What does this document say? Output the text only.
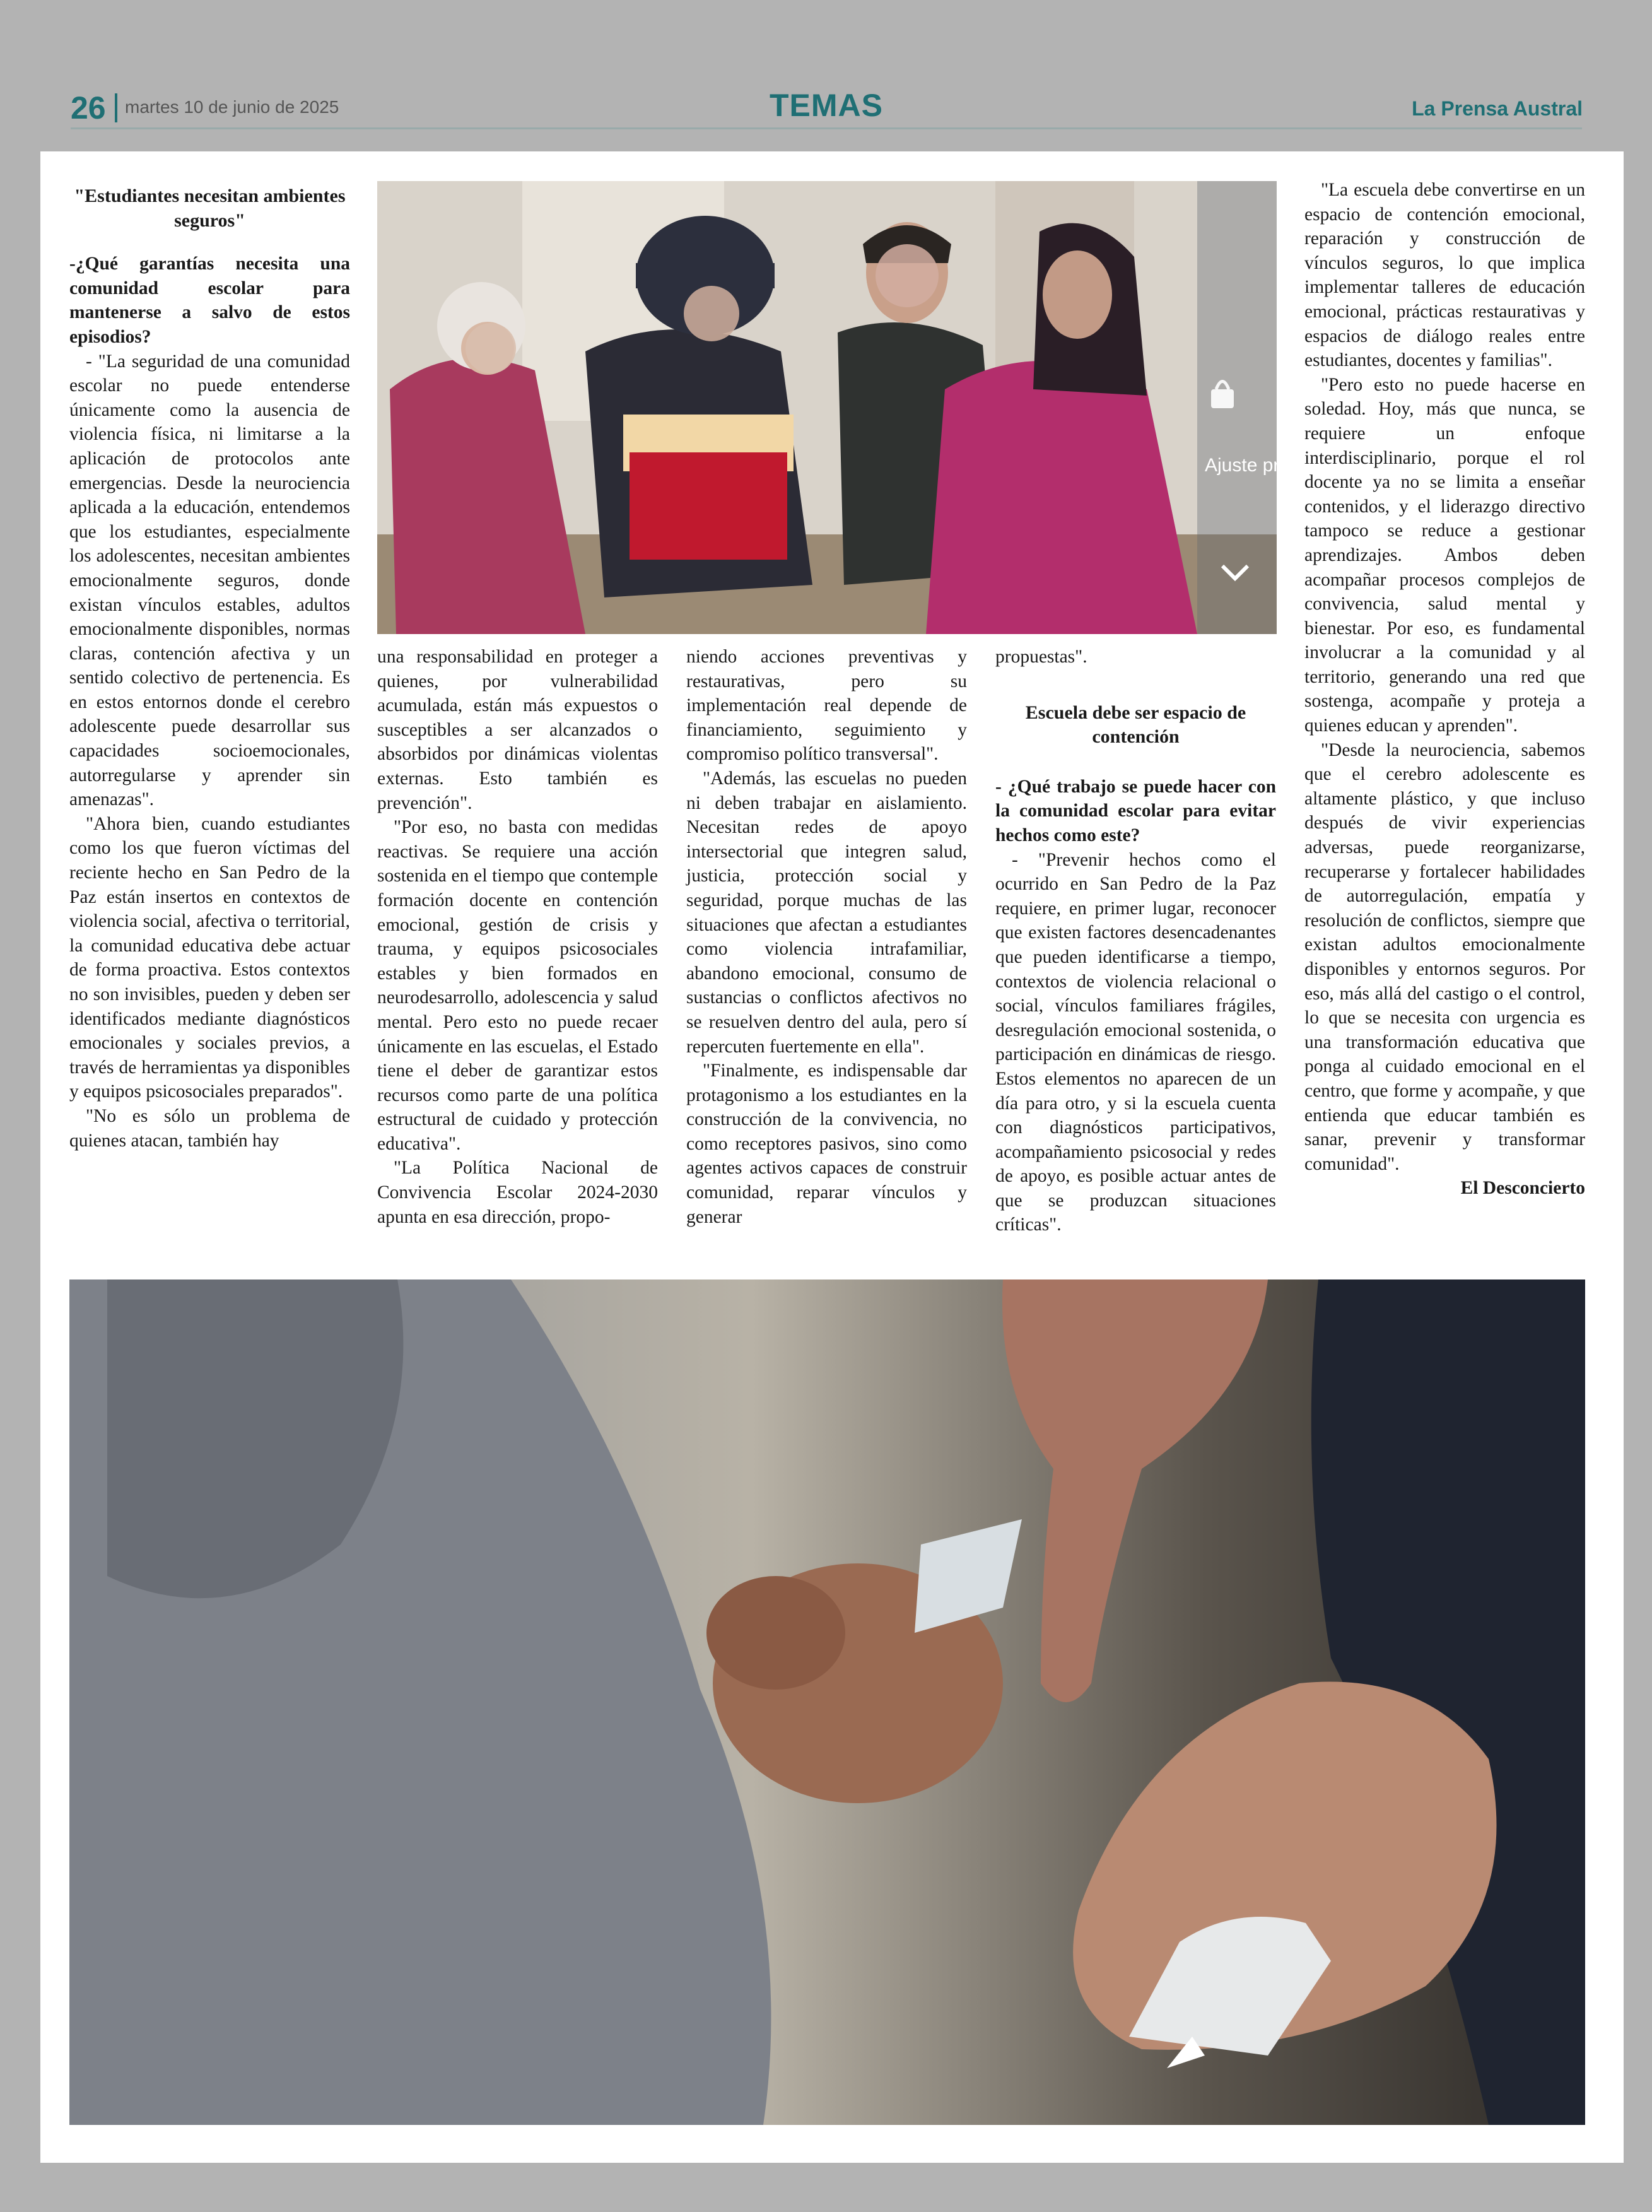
26 martes 10 de junio de 2025	TEMAS	La Prensa Austral
Ajuste privaci

"Estudiantes necesitan ambientes seguros"

-¿Qué garantías necesita una comunidad escolar para mantenerse a salvo de estos episodios?

- "La seguridad de una comunidad escolar no puede entenderse únicamente como la ausencia de violencia física, ni limitarse a la aplicación de protocolos ante emergencias. Desde la neurociencia aplicada a la educación, entendemos que los estudiantes, especialmente los adolescentes, necesitan ambientes emocionalmente seguros, donde existan vínculos estables, adultos emocionalmente disponibles, normas claras, contención afectiva y un sentido colectivo de pertenencia. Es en estos entornos donde el cerebro adolescente puede desarrollar sus capacidades socioemocionales, autorregularse y aprender sin amenazas".

"Ahora bien, cuando estudiantes como los que fueron víctimas del reciente hecho en San Pedro de la Paz están insertos en contextos de violencia social, afectiva o territorial, la comunidad educativa debe actuar de forma proactiva. Estos contextos no son invisibles, pueden y deben ser identificados mediante diagnósticos emocionales y sociales previos, a través de herramientas ya disponibles y equipos psicosociales preparados".

"No es sólo un problema de quienes atacan, también hay

una responsabilidad en proteger a quienes, por vulnerabilidad acumulada, están más expuestos o susceptibles a ser alcanzados o absorbidos por dinámicas violentas externas. Esto también es prevención".

"Por eso, no basta con medidas reactivas. Se requiere una acción sostenida en el tiempo que contemple formación docente en contención emocional, gestión de crisis y trauma, y equipos psicosociales estables y bien formados en neurodesarrollo, adolescencia y salud mental. Pero esto no puede recaer únicamente en las escuelas, el Estado tiene el deber de garantizar estos recursos como parte de una política estructural de cuidado y protección educativa".

"La Política Nacional de Convivencia Escolar 2024-2030 apunta en esa dirección, propo-

niendo acciones preventivas y restaurativas, pero su implementación real depende de financiamiento, seguimiento y compromiso político transversal".

"Además, las escuelas no pueden ni deben trabajar en aislamiento. Necesitan redes de apoyo intersectorial que integren salud, justicia, protección social y seguridad, porque muchas de las situaciones que afectan a estudiantes como violencia intrafamiliar, abandono emocional, consumo de sustancias o conflictos afectivos no se resuelven dentro del aula, pero sí repercuten fuertemente en ella".

"Finalmente, es indispensable dar protagonismo a los estudiantes en la construcción de la convivencia, no como receptores pasivos, sino como agentes activos capaces de construir comunidad, reparar vínculos y generar

propuestas".

Escuela debe ser espacio de contención

- ¿Qué trabajo se puede hacer con la comunidad escolar para evitar hechos como este?

- "Prevenir hechos como el ocurrido en San Pedro de la Paz requiere, en primer lugar, reconocer que existen factores desencadenantes que pueden identificarse a tiempo, contextos de violencia relacional o social, vínculos familiares frágiles, desregulación emocional sostenida, o participación en dinámicas de riesgo. Estos elementos no aparecen de un día para otro, y si la escuela cuenta con diagnósticos participativos, acompañamiento psicosocial y redes de apoyo, es posible actuar antes de que se produzcan situaciones críticas".

"La escuela debe convertirse en un espacio de contención emocional, reparación y construcción de vínculos seguros, lo que implica implementar talleres de educación emocional, prácticas restaurativas y espacios de diálogo reales entre estudiantes, docentes y familias".

"Pero esto no puede hacerse en soledad. Hoy, más que nunca, se requiere un enfoque interdisciplinario, porque el rol docente ya no se limita a enseñar contenidos, y el liderazgo directivo tampoco se reduce a gestionar aprendizajes. Ambos deben acompañar procesos complejos de convivencia, salud mental y bienestar. Por eso, es fundamental involucrar a la comunidad y al territorio, generando una red que sostenga, acompañe y proteja a quienes educan y aprenden".

"Desde la neurociencia, sabemos que el cerebro adolescente es altamente plástico, y que incluso después de vivir experiencias adversas, puede reorganizarse, recuperarse y fortalecer habilidades de autorregulación, empatía y resolución de conflictos, siempre que existan adultos emocionalmente disponibles y entornos seguros. Por eso, más allá del castigo o el control, lo que se necesita con urgencia es una transformación educativa que ponga al cuidado emocional en el centro, que forme y acompañe, y que entienda que educar también es sanar, prevenir y transformar comunidad".

El Desconcierto
